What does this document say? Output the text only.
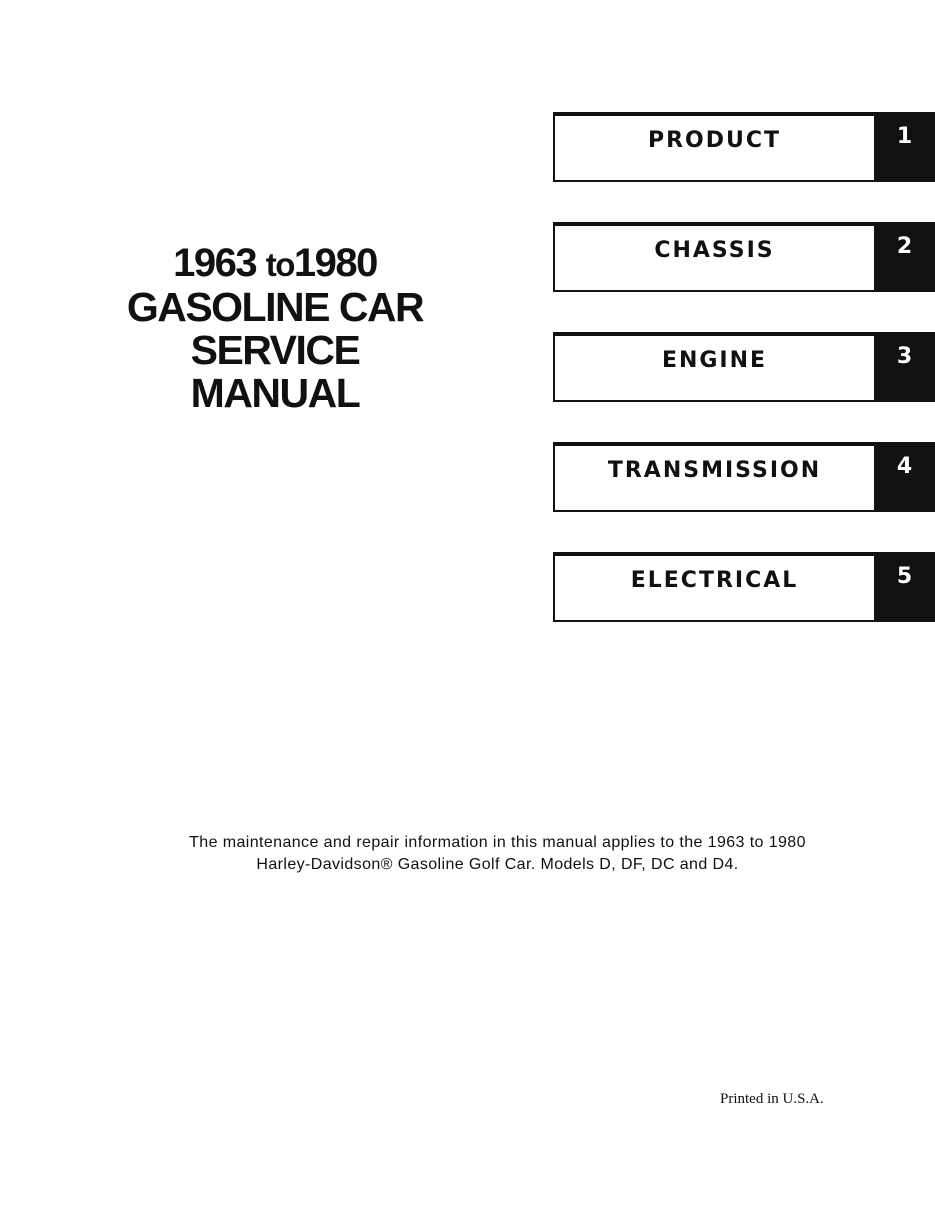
1963 to1980
GASOLINE CAR
SERVICE
MANUAL
PRODUCT	1
CHASSIS	2
ENGINE	3
TRANSMISSION	4
ELECTRICAL	5
The maintenance and repair information in this manual applies to the 1963 to 1980
Harley-Davidson® Gasoline Golf Car. Models D, DF, DC and D4.
Printed in U.S.A.
